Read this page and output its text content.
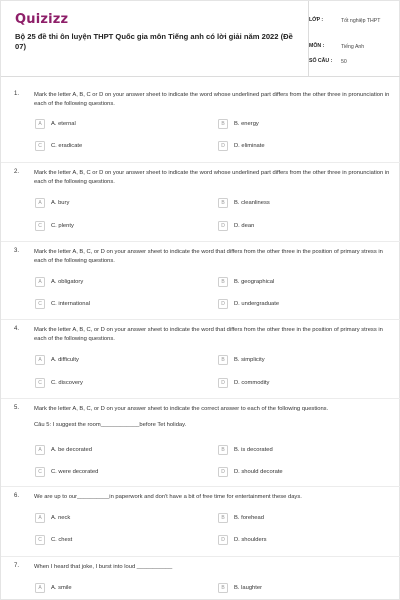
Quizizz
Bộ 25 đề thi ôn luyện THPT Quốc gia môn Tiếng anh có lời giải năm 2022 (Đề 07)
LỚP :	Tốt nghiệp THPT
MÔN :	Tiếng Anh
SỐ CÂU : 50
1.	Mark the letter A, B, C or D on your answer sheet to indicate the word whose underlined part differs from the other three in pronunciation in each of the following questions.
A	A. eternal	B	B. energy
C	C. eradicate	D	D. eliminate
2.	Mark the letter A, B, C or D on your answer sheet to indicate the word whose underlined part differs from the other three in pronunciation in each of the following questions.
A	A. bury	B	B. cleanliness
C	C. plenty	D	D. dean
3.	Mark the letter A, B, C, or D on your answer sheet to indicate the word that differs from the other three in the position of primary stress in each of the following questions.
A	A. obligatory	B	B. geographical
C	C. international	D	D. undergraduate
4.	Mark the letter A, B, C, or D on your answer sheet to indicate the word that differs from the other three in the position of primary stress in each of the following questions.
A	A. difficulty	B	B. simplicity
C	C. discovery	D	D. commodity
5.	Mark the letter A, B, C, or D on your answer sheet to indicate the correct answer to each of the following questions.
Câu 5: I suggest the room____________before Tet holiday.
A	A. be decorated	B	B. is decorated
C	C. were decorated	D	D. should decorate
6.	We are up to our__________in paperwork and don't have a bit of free time for entertainment these days.
A	A. neck	B	B. forehead
C	C. chest	D	D. shoulders
7.	When I heard that joke, I burst into loud ___________
A	A. smile	B	B. laughter
